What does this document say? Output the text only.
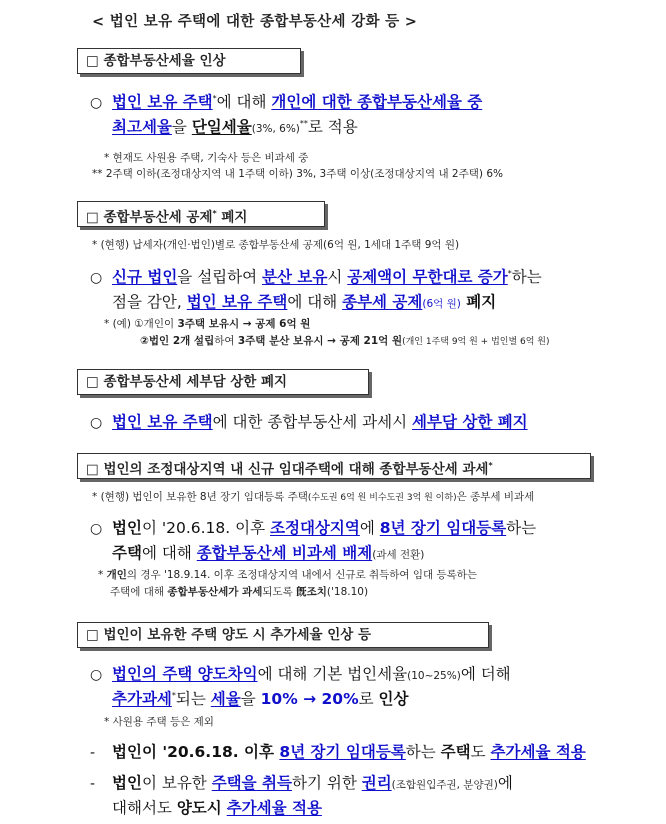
< 법인 보유 주택에 대한 종합부동산세 강화 등 >
□ 종합부동산세율 인상
○ 법인 보유 주택*에 대해 개인에 대한 종합부동산세율 중
최고세율을 단일세율(3%, 6%)**로 적용
* 현재도 사원용 주택, 기숙사 등은 비과세 중
** 2주택 이하(조정대상지역 내 1주택 이하) 3%, 3주택 이상(조정대상지역 내 2주택) 6%
□ 종합부동산세 공제* 폐지
* (현행) 납세자(개인·법인)별로 종합부동산세 공제(6억 원, 1세대 1주택 9억 원)
○ 신규 법인을 설립하여 분산 보유시 공제액이 무한대로 증가*하는
점을 감안, 법인 보유 주택에 대해 종부세 공제(6억 원) 폐지
* (예) ①개인이 3주택 보유시 → 공제 6억 원
②법인 2개 설립하여 3주택 분산 보유시 → 공제 21억 원(개인 1주택 9억 원 + 법인별 6억 원)
□ 종합부동산세 세부담 상한 폐지
○ 법인 보유 주택에 대한 종합부동산세 과세시 세부담 상한 폐지
□ 법인의 조정대상지역 내 신규 임대주택에 대해 종합부동산세 과세*
* (현행) 법인이 보유한 8년 장기 임대등록 주택(수도권 6억 원 비수도권 3억 원 이하)은 종부세 비과세
○ 법인이 '20.6.18. 이후 조정대상지역에 8년 장기 임대등록하는
주택에 대해 종합부동산세 비과세 배제(과세 전환)
* 개인의 경우 '18.9.14. 이후 조정대상지역 내에서 신규로 취득하여 임대 등록하는
주택에 대해 종합부동산세가 과세되도록 旣조치('18.10)
□ 법인이 보유한 주택 양도 시 추가세율 인상 등
○ 법인의 주택 양도차익에 대해 기본 법인세율(10~25%)에 더해
추가과세*되는 세율을 10% → 20%로 인상
* 사원용 주택 등은 제외
- 법인이 '20.6.18. 이후 8년 장기 임대등록하는 주택도 추가세율 적용
- 법인이 보유한 주택을 취득하기 위한 권리(조합원입주권, 분양권)에
대해서도 양도시 추가세율 적용
